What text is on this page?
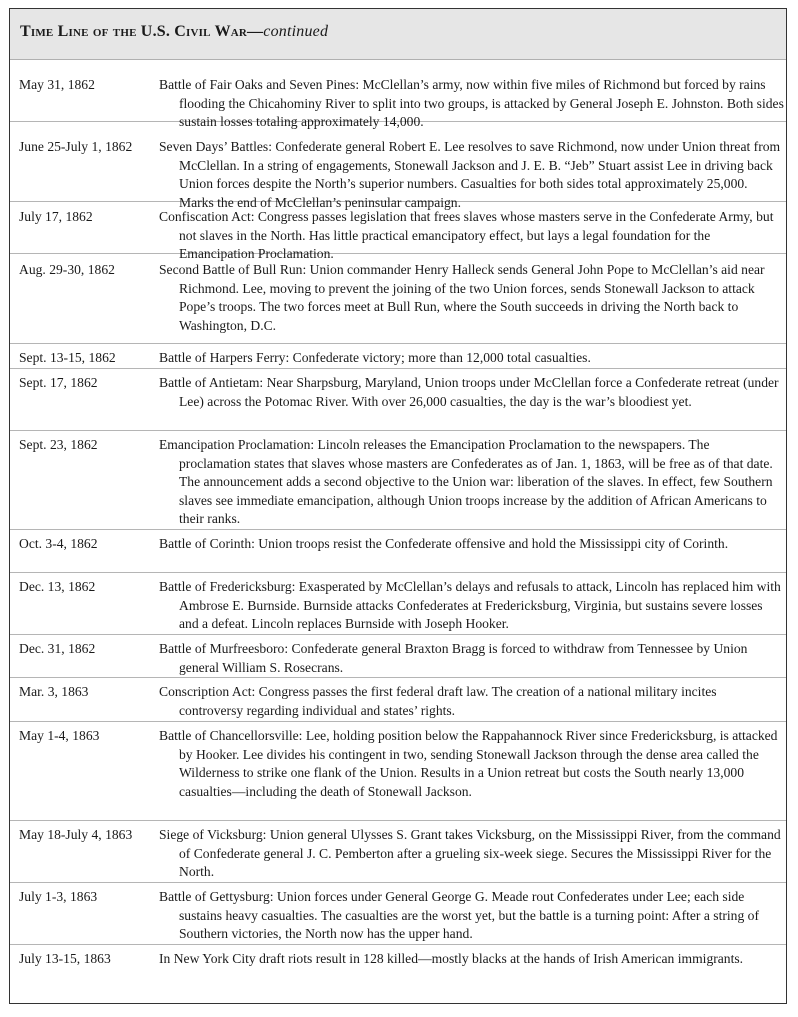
Time Line of the U.S. Civil War—continued
May 31, 1862	Battle of Fair Oaks and Seven Pines: McClellan’s army, now within five miles of Richmond but forced by rains flooding the Chicahominy River to split into two groups, is attacked by General Joseph E. Johnston. Both sides sustain losses totaling approximately 14,000.
June 25-July 1, 1862	Seven Days’ Battles: Confederate general Robert E. Lee resolves to save Richmond, now under Union threat from McClellan. In a string of engagements, Stonewall Jackson and J. E. B. “Jeb” Stuart assist Lee in driving back Union forces despite the North’s superior numbers. Casualties for both sides total approximately 25,000. Marks the end of McClellan’s peninsular campaign.
July 17, 1862	Confiscation Act: Congress passes legislation that frees slaves whose masters serve in the Confederate Army, but not slaves in the North. Has little practical emancipatory effect, but lays a legal foundation for the Emancipation Proclamation.
Aug. 29-30, 1862	Second Battle of Bull Run: Union commander Henry Halleck sends General John Pope to McClellan’s aid near Richmond. Lee, moving to prevent the joining of the two Union forces, sends Stonewall Jackson to attack Pope’s troops. The two forces meet at Bull Run, where the South succeeds in driving the North back to Washington, D.C.
Sept. 13-15, 1862	Battle of Harpers Ferry: Confederate victory; more than 12,000 total casualties.
Sept. 17, 1862	Battle of Antietam: Near Sharpsburg, Maryland, Union troops under McClellan force a Confederate retreat (under Lee) across the Potomac River. With over 26,000 casualties, the day is the war’s bloodiest yet.
Sept. 23, 1862	Emancipation Proclamation: Lincoln releases the Emancipation Proclamation to the newspapers. The proclamation states that slaves whose masters are Confederates as of Jan. 1, 1863, will be free as of that date. The announcement adds a second objective to the Union war: liberation of the slaves. In effect, few Southern slaves see immediate emancipation, although Union troops increase by the addition of African Americans to their ranks.
Oct. 3-4, 1862	Battle of Corinth: Union troops resist the Confederate offensive and hold the Mississippi city of Corinth.
Dec. 13, 1862	Battle of Fredericksburg: Exasperated by McClellan’s delays and refusals to attack, Lincoln has replaced him with Ambrose E. Burnside. Burnside attacks Confederates at Fredericksburg, Virginia, but sustains severe losses and a defeat. Lincoln replaces Burnside with Joseph Hooker.
Dec. 31, 1862	Battle of Murfreesboro: Confederate general Braxton Bragg is forced to withdraw from Tennessee by Union general William S. Rosecrans.
Mar. 3, 1863	Conscription Act: Congress passes the first federal draft law. The creation of a national military incites controversy regarding individual and states’ rights.
May 1-4, 1863	Battle of Chancellorsville: Lee, holding position below the Rappahannock River since Fredericksburg, is attacked by Hooker. Lee divides his contingent in two, sending Stonewall Jackson through the dense area called the Wilderness to strike one flank of the Union. Results in a Union retreat but costs the South nearly 13,000 casualties—including the death of Stonewall Jackson.
May 18-July 4, 1863	Siege of Vicksburg: Union general Ulysses S. Grant takes Vicksburg, on the Mississippi River, from the command of Confederate general J. C. Pemberton after a grueling six-week siege. Secures the Mississippi River for the North.
July 1-3, 1863	Battle of Gettysburg: Union forces under General George G. Meade rout Confederates under Lee; each side sustains heavy casualties. The casualties are the worst yet, but the battle is a turning point: After a string of Southern victories, the North now has the upper hand.
July 13-15, 1863	In New York City draft riots result in 128 killed—mostly blacks at the hands of Irish American immigrants.
